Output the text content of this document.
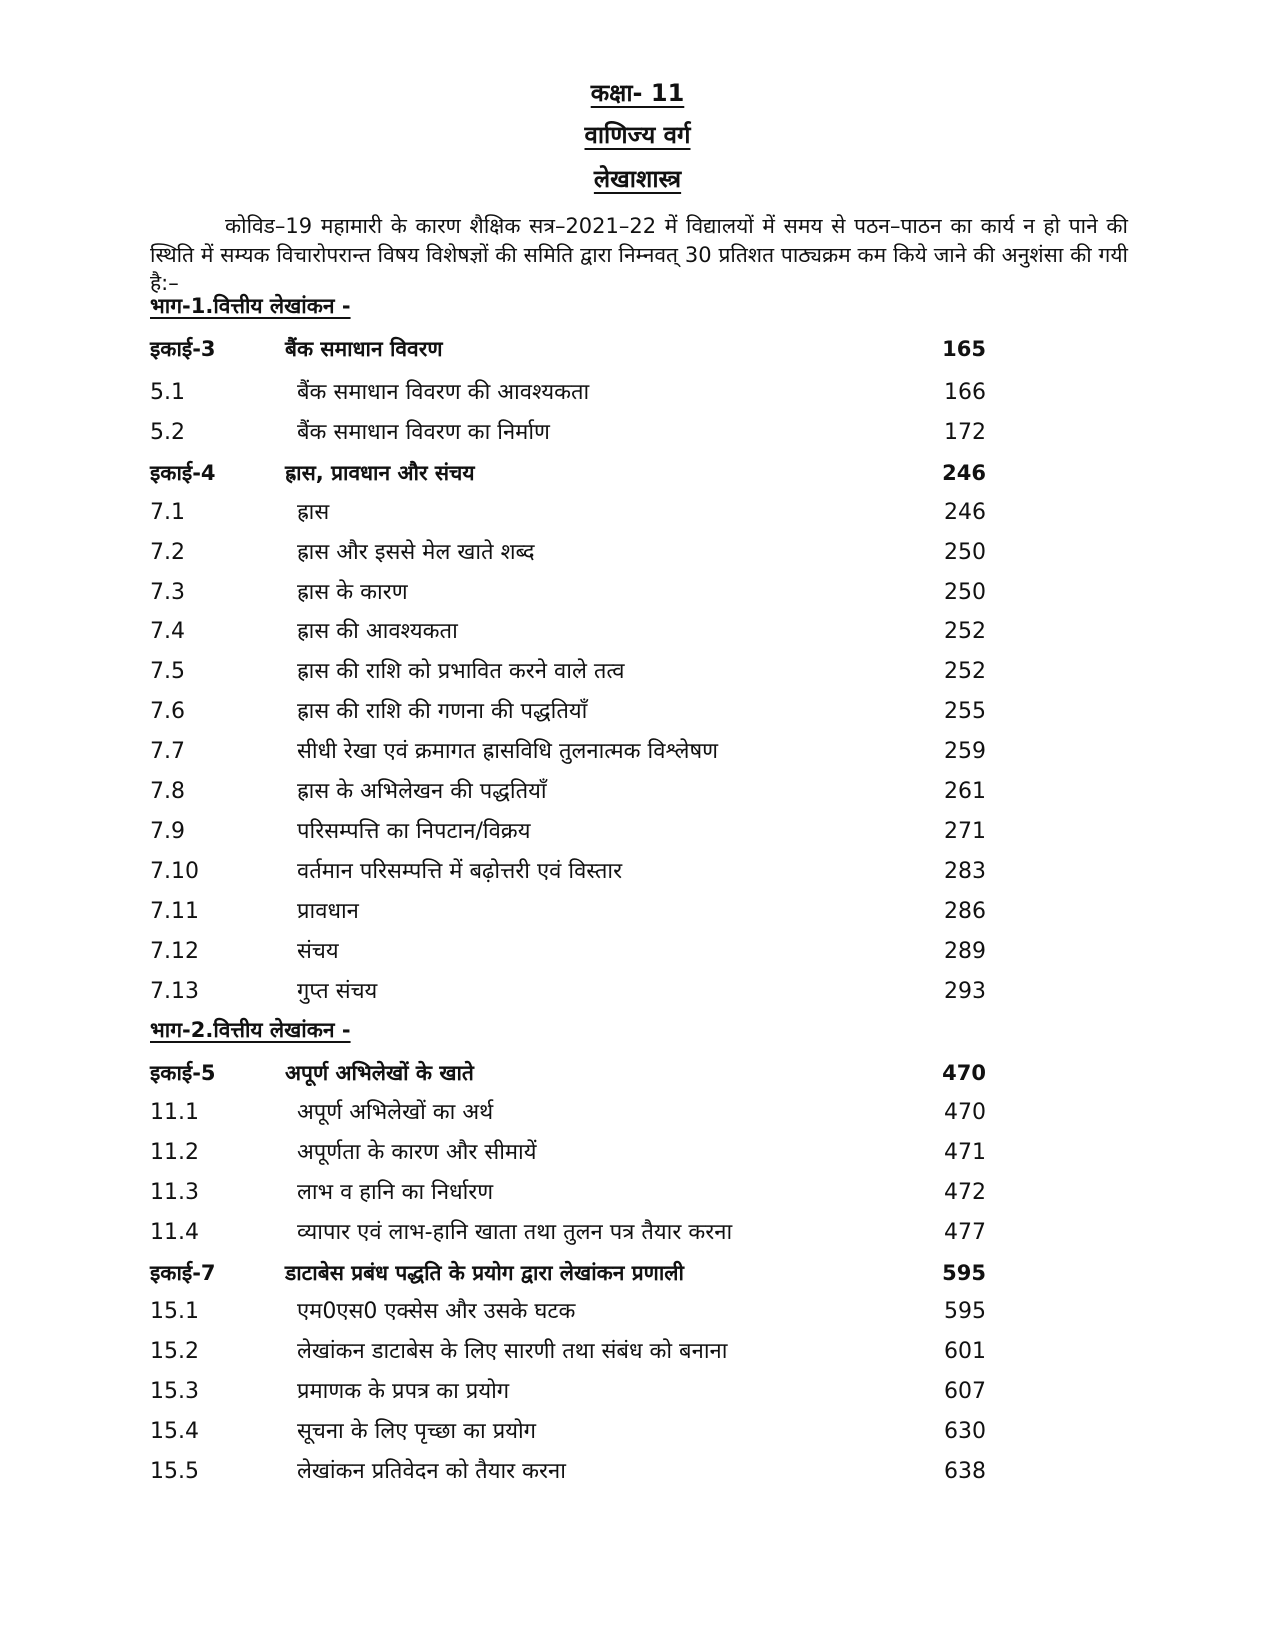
कक्षा- 11
वाणिज्य वर्ग
लेखाशास्त्र

कोविड–19 महामारी के कारण शैक्षिक सत्र–2021–22 में विद्यालयों में समय से पठन–पाठन का कार्य न हो पाने की स्थिति में सम्यक विचारोपरान्त विषय विशेषज्ञों की समिति द्वारा निम्नवत् 30 प्रतिशत पाठ्यक्रम कम किये जाने की अनुशंसा की गयी है:–

भाग-1.वित्तीय लेखांकन -
इकाई-3	बैंक समाधान विवरण	165
5.1	बैंक समाधान विवरण की आवश्यकता	166
5.2	बैंक समाधान विवरण का निर्माण	172
इकाई-4	ह्रास, प्रावधान और संचय	246
7.1	ह्रास	246
7.2	ह्रास और इससे मेल खाते शब्द	250
7.3	ह्रास के कारण	250
7.4	ह्रास की आवश्यकता	252
7.5	ह्रास की राशि को प्रभावित करने वाले तत्व	252
7.6	ह्रास की राशि की गणना की पद्धतियाँ	255
7.7	सीधी रेखा एवं क्रमागत ह्रासविधि तुलनात्मक विश्लेषण	259
7.8	ह्रास के अभिलेखन की पद्धतियाँ	261
7.9	परिसम्पत्ति का निपटान/विक्रय	271
7.10	वर्तमान परिसम्पत्ति में बढ़ोत्तरी एवं विस्तार	283
7.11	प्रावधान	286
7.12	संचय	289
7.13	गुप्त संचय	293
भाग-2.वित्तीय लेखांकन -
इकाई-5	अपूर्ण अभिलेखों के खाते	470
11.1	अपूर्ण अभिलेखों का अर्थ	470
11.2	अपूर्णता के कारण और सीमायें	471
11.3	लाभ व हानि का निर्धारण	472
11.4	व्यापार एवं लाभ-हानि खाता तथा तुलन पत्र तैयार करना	477
इकाई-7	डाटाबेस प्रबंध पद्धति के प्रयोग द्वारा लेखांकन प्रणाली	595
15.1	एम0एस0 एक्सेस और उसके घटक	595
15.2	लेखांकन डाटाबेस के लिए सारणी तथा संबंध को बनाना	601
15.3	प्रमाणक के प्रपत्र का प्रयोग	607
15.4	सूचना के लिए पृच्छा का प्रयोग	630
15.5	लेखांकन प्रतिवेदन को तैयार करना	638
